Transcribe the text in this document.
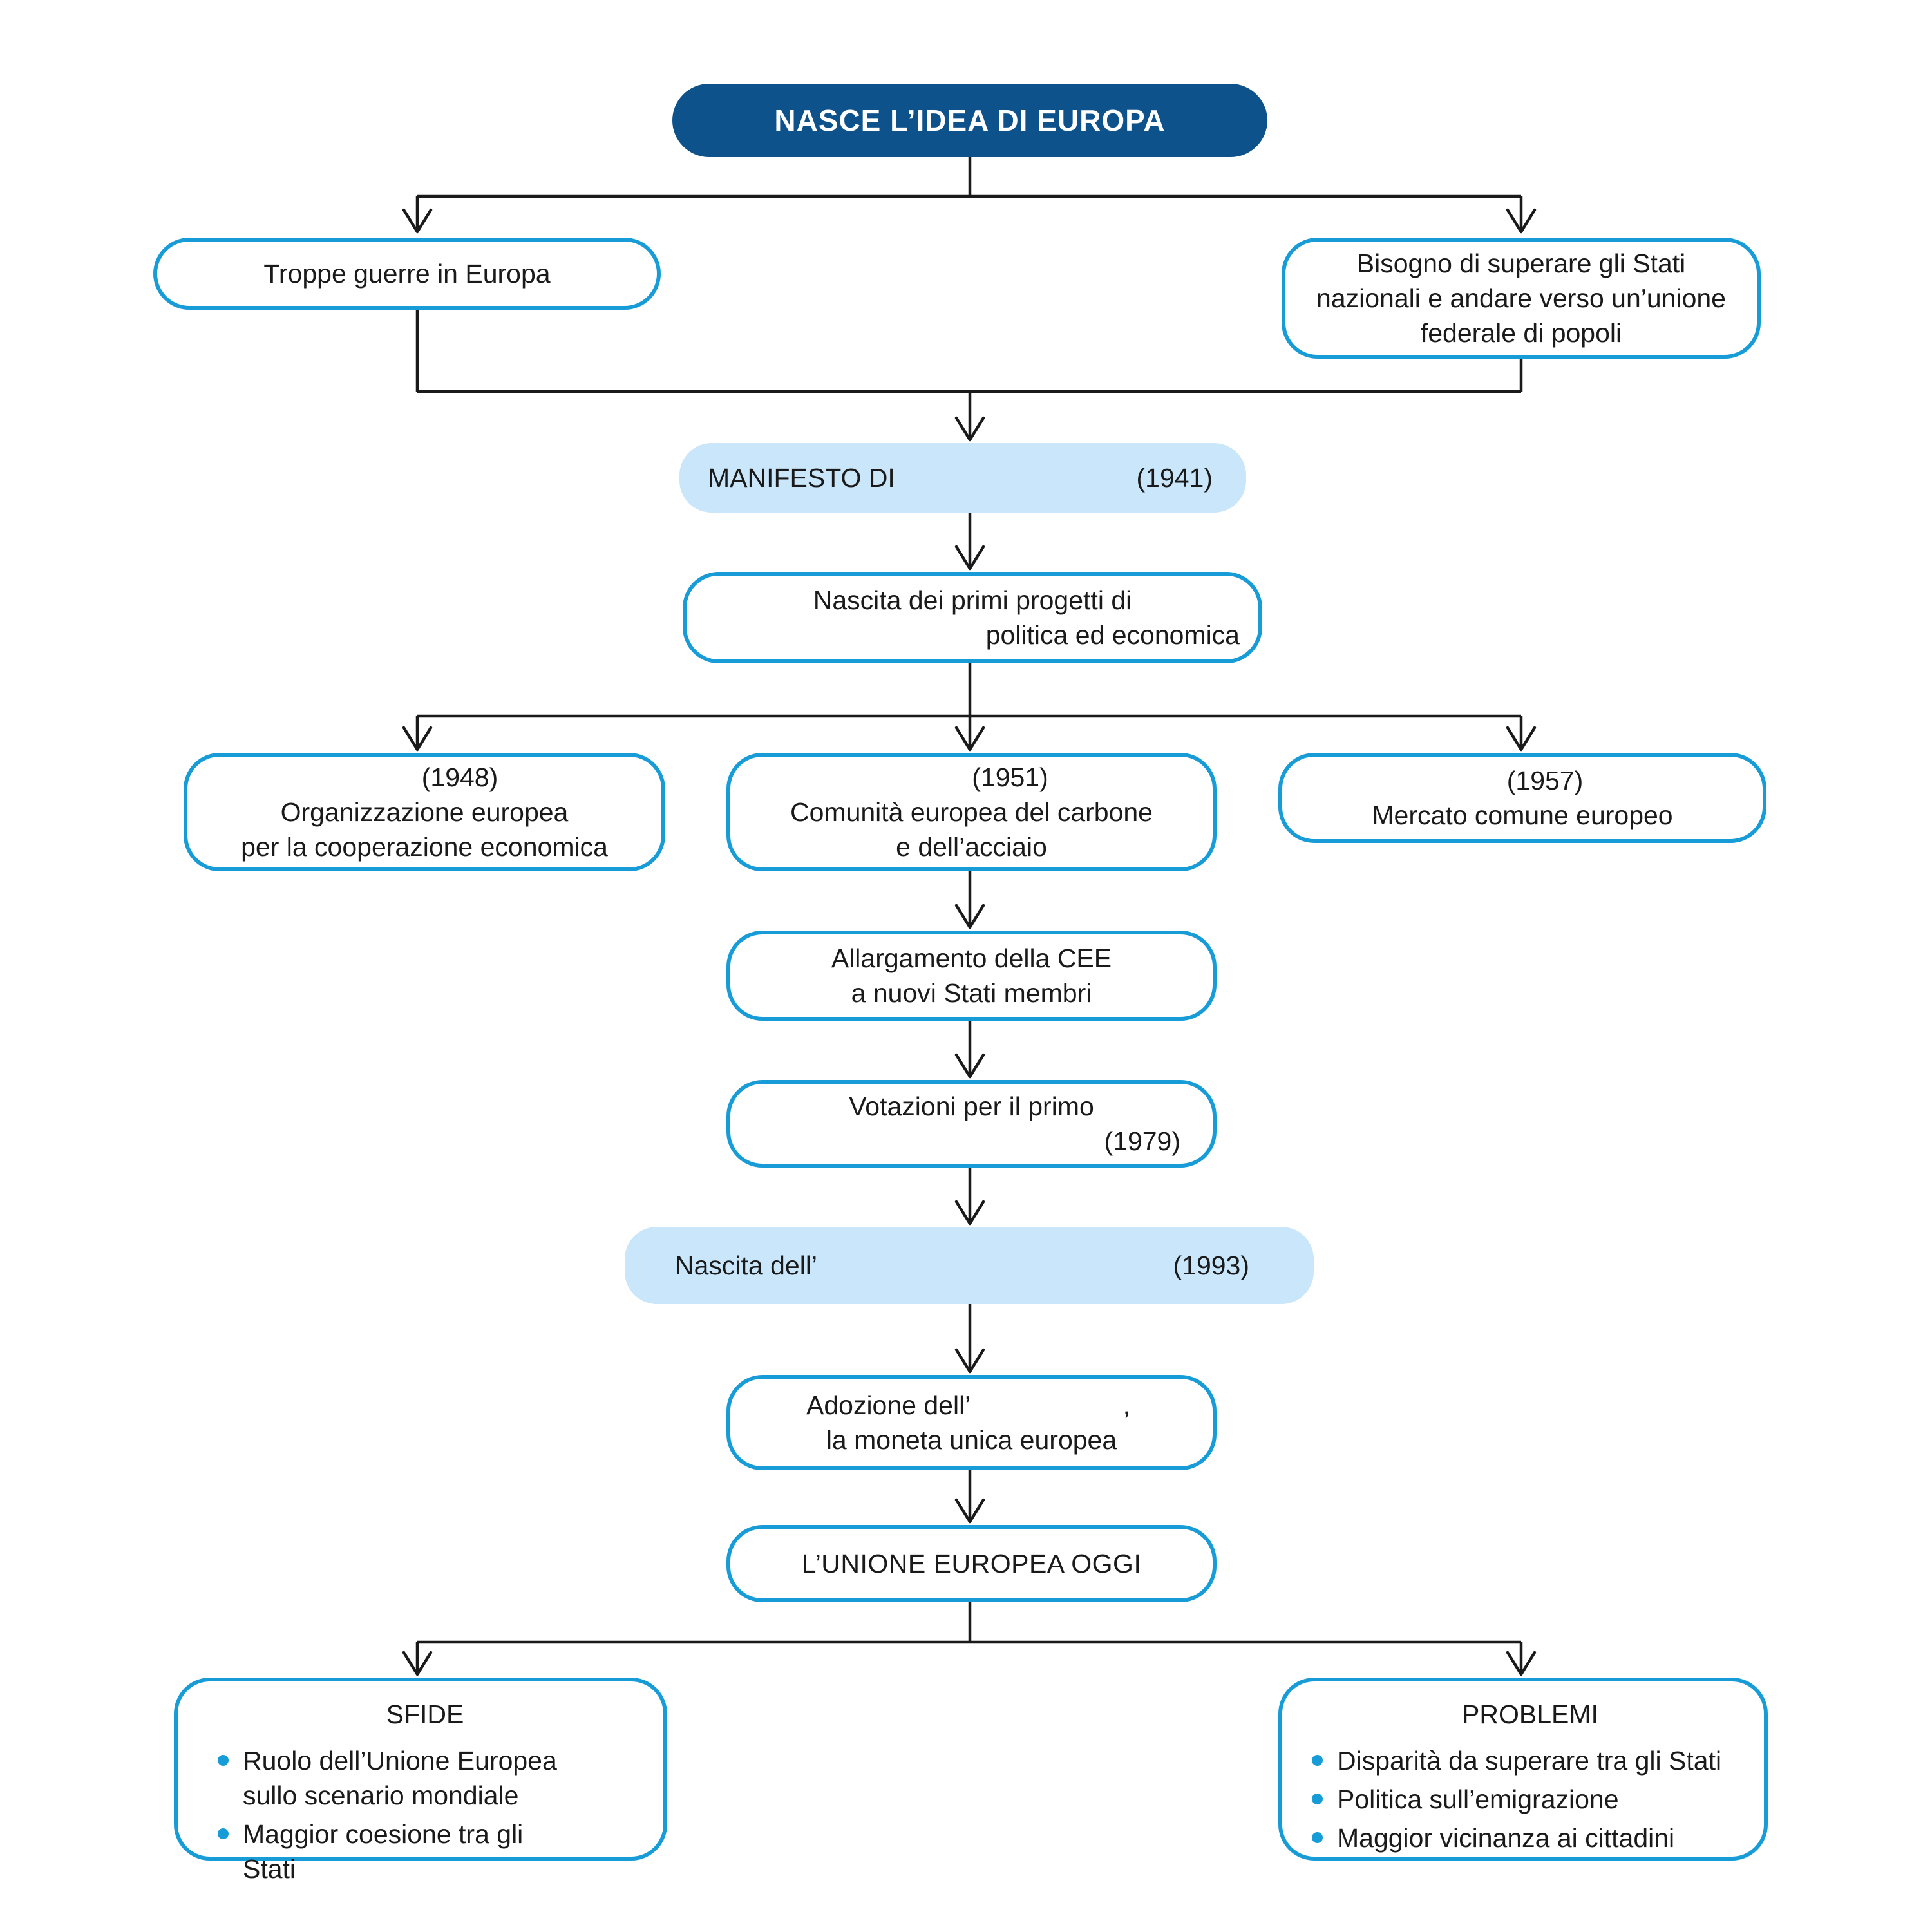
NASCE L’IDEA DI EUROPA
Troppe guerre in Europa	Bisogno di superare gli Stati nazionali e andare verso un’unione federale di popoli
MANIFESTO DI	(1941)
Nascita dei primi progetti di
politica ed economica
(1948)
Organizzazione europea
per la cooperazione economica
(1951)
Comunità europea del carbone
e dell’acciaio
(1957)
Mercato comune europeo
Allargamento della CEE
a nuovi Stati membri
Votazioni per il primo
(1979)
Nascita dell’	(1993)
Adozione dell’	,
la moneta unica europea
L’UNIONE EUROPEA OGGI
SFIDE
Ruolo dell’Unione Europea sullo scenario mondiale
Maggior coesione tra gli Stati
PROBLEMI
Disparità da superare tra gli Stati
Politica sull’emigrazione
Maggior vicinanza ai cittadini
